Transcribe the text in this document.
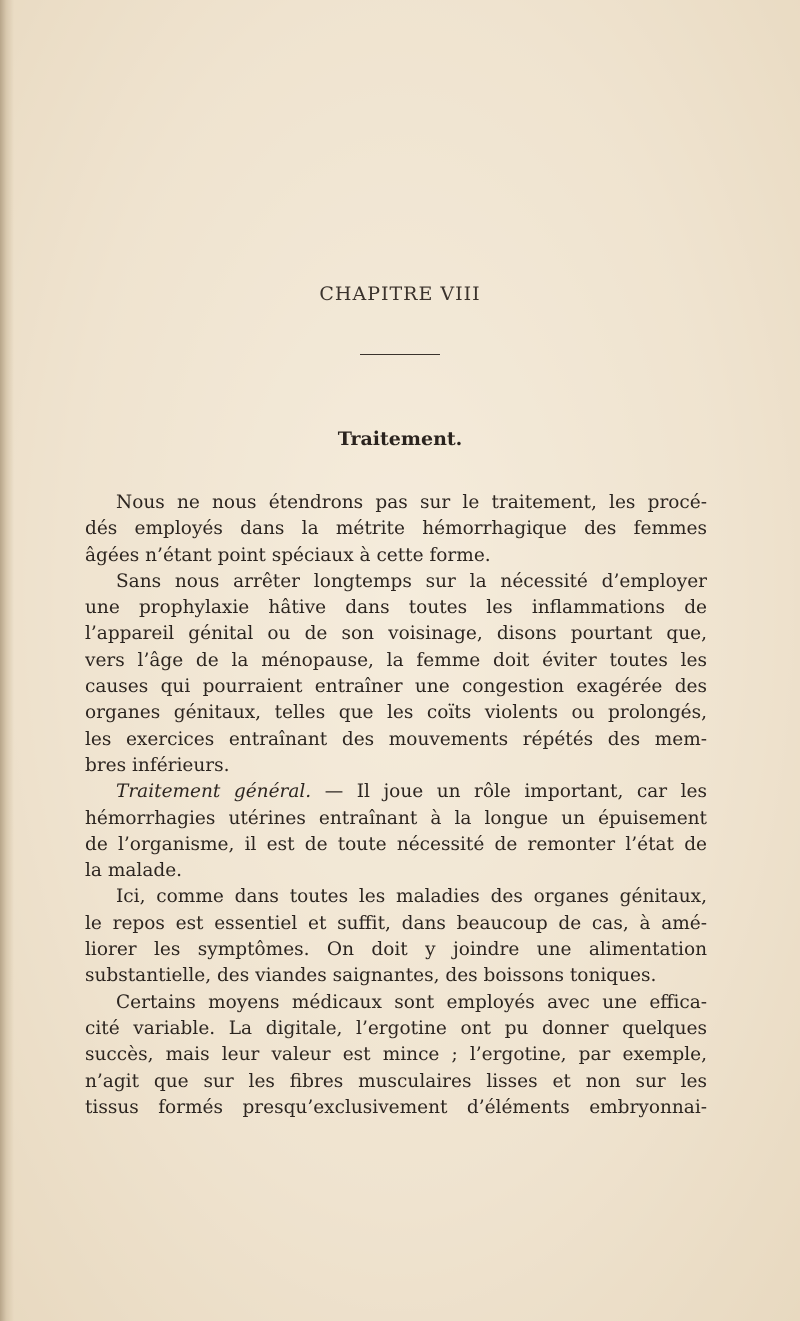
CHAPITRE VIII
Traitement.
Nous ne nous étendrons pas sur le traitement, les procé-
dés employés dans la métrite hémorrhagique des femmes
âgées n’étant point spéciaux à cette forme.
Sans nous arrêter longtemps sur la nécessité d’employer
une prophylaxie hâtive dans toutes les inflammations de
l’appareil génital ou de son voisinage, disons pourtant que,
vers l’âge de la ménopause, la femme doit éviter toutes les
causes qui pourraient entraîner une congestion exagérée des
organes génitaux, telles que les coïts violents ou prolongés,
les exercices entraînant des mouvements répétés des mem-
bres inférieurs.
Traitement général. — Il joue un rôle important, car les
hémorrhagies utérines entraînant à la longue un épuisement
de l’organisme, il est de toute nécessité de remonter l’état de
la malade.
Ici, comme dans toutes les maladies des organes génitaux,
le repos est essentiel et suffit, dans beaucoup de cas, à amé-
liorer les symptômes. On doit y joindre une alimentation
substantielle, des viandes saignantes, des boissons toniques.
Certains moyens médicaux sont employés avec une effica-
cité variable. La digitale, l’ergotine ont pu donner quelques
succès, mais leur valeur est mince ; l’ergotine, par exemple,
n’agit que sur les fibres musculaires lisses et non sur les
tissus formés presqu’exclusivement d’éléments embryonnai-
